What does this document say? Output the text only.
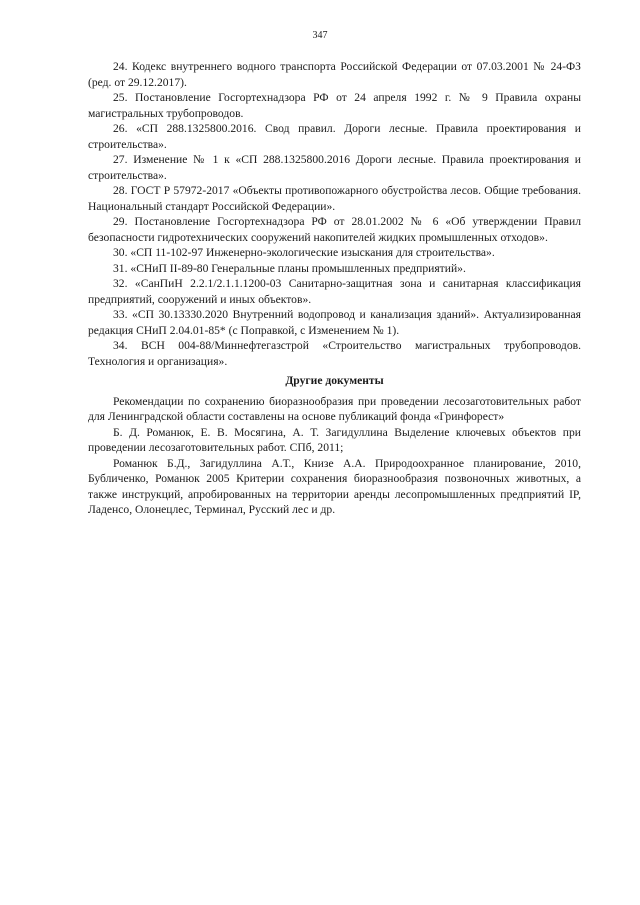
347

24. Кодекс внутреннего водного транспорта Российской Федерации от 07.03.2001 № 24-ФЗ (ред. от 29.12.2017).

25. Постановление Госгортехнадзора РФ от 24 апреля 1992 г. № 9 Правила охраны магистральных трубопроводов.

26. «СП 288.1325800.2016. Свод правил. Дороги лесные. Правила проектирования и строительства».

27. Изменение № 1 к «СП 288.1325800.2016 Дороги лесные. Правила проектирования и строительства».

28. ГОСТ Р 57972-2017 «Объекты противопожарного обустройства лесов. Общие требования. Национальный стандарт Российской Федерации».

29. Постановление Госгортехнадзора РФ от 28.01.2002 № 6 «Об утверждении Правил безопасности гидротехнических сооружений накопителей жидких промышленных отходов».

30. «СП 11-102-97 Инженерно-экологические изыскания для строительства».

31. «СНиП II-89-80 Генеральные планы промышленных предприятий».

32. «СанПиН 2.2.1/2.1.1.1200-03 Санитарно-защитная зона и санитарная классификация предприятий, сооружений и иных объектов».

33. «СП 30.13330.2020 Внутренний водопровод и канализация зданий». Актуализированная редакция СНиП 2.04.01-85* (с Поправкой, с Изменением № 1).

34. ВСН 004-88/Миннефтегазстрой «Строительство магистральных трубопроводов. Технология и организация».

Другие документы

Рекомендации по сохранению биоразнообразия при проведении лесозаготовительных работ для Ленинградской области составлены на основе публикаций фонда «Гринфорест»

Б. Д. Романюк, Е. В. Мосягина, А. Т. Загидуллина Выделение ключевых объектов при проведении лесозаготовительных работ. СПб, 2011;

Романюк Б.Д., Загидуллина А.Т., Книзе А.А. Природоохранное планирование, 2010, Бубличенко, Романюк 2005 Критерии сохранения биоразнообразия позвоночных животных, а также инструкций, апробированных на территории аренды лесопромышленных предприятий IP, Ладенсо, Олонецлес, Терминал, Русский лес и др.
